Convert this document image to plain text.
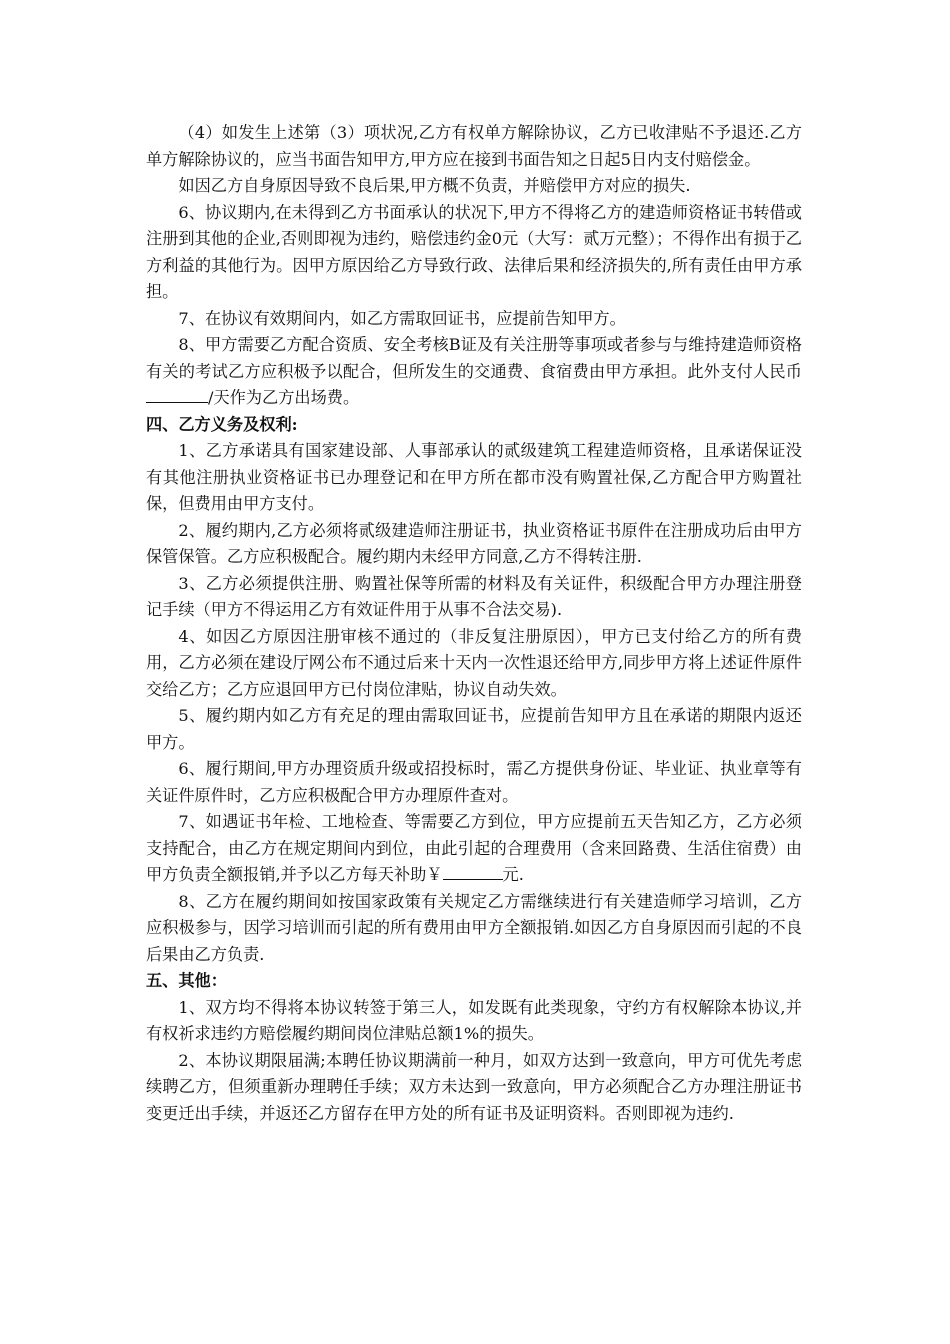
（4）如发生上述第（3）项状况,乙方有权单方解除协议，乙方已收津贴不予退还.乙方单方解除协议的，应当书面告知甲方,甲方应在接到书面告知之日起5日内支付赔偿金。

如因乙方自身原因导致不良后果,甲方概不负责，并赔偿甲方对应的损失.

6、协议期内,在未得到乙方书面承认的状况下,甲方不得将乙方的建造师资格证书转借或注册到其他的企业,否则即视为违约，赔偿违约金0元（大写：贰万元整）；不得作出有损于乙方利益的其他行为。因甲方原因给乙方导致行政、法律后果和经济损失的,所有责任由甲方承担。

7、在协议有效期间内，如乙方需取回证书，应提前告知甲方。

8、甲方需要乙方配合资质、安全考核B证及有关注册等事项或者参与与维持建造师资格有关的考试乙方应积极予以配合，但所发生的交通费、食宿费由甲方承担。此外支付人民币/天作为乙方出场费。

四、乙方义务及权利:

1、乙方承诺具有国家建设部、人事部承认的贰级建筑工程建造师资格，且承诺保证没有其他注册执业资格证书已办理登记和在甲方所在都市没有购置社保,乙方配合甲方购置社保，但费用由甲方支付。

2、履约期内,乙方必须将贰级建造师注册证书，执业资格证书原件在注册成功后由甲方保管保管。乙方应积极配合。履约期内未经甲方同意,乙方不得转注册.

3、乙方必须提供注册、购置社保等所需的材料及有关证件，积级配合甲方办理注册登记手续（甲方不得运用乙方有效证件用于从事不合法交易).

4、如因乙方原因注册审核不通过的（非反复注册原因），甲方已支付给乙方的所有费用，乙方必须在建设厅网公布不通过后来十天内一次性退还给甲方,同步甲方将上述证件原件交给乙方；乙方应退回甲方已付岗位津贴，协议自动失效。

5、履约期内如乙方有充足的理由需取回证书，应提前告知甲方且在承诺的期限内返还甲方。

6、履行期间,甲方办理资质升级或招投标时，需乙方提供身份证、毕业证、执业章等有关证件原件时，乙方应积极配合甲方办理原件查对。

7、如遇证书年检、工地检查、等需要乙方到位，甲方应提前五天告知乙方，乙方必须支持配合，由乙方在规定期间内到位，由此引起的合理费用（含来回路费、生活住宿费）由甲方负责全额报销,并予以乙方每天补助￥	元.

8、乙方在履约期间如按国家政策有关规定乙方需继续进行有关建造师学习培训，乙方应积极参与，因学习培训而引起的所有费用由甲方全额报销.如因乙方自身原因而引起的不良后果由乙方负责.

五、其他：

1、双方均不得将本协议转签于第三人，如发既有此类现象，守约方有权解除本协议,并有权祈求违约方赔偿履约期间岗位津贴总额1%的损失。

2、本协议期限届满;本聘任协议期满前一种月，如双方达到一致意向，甲方可优先考虑续聘乙方，但须重新办理聘任手续；双方未达到一致意向，甲方必须配合乙方办理注册证书变更迁出手续，并返还乙方留存在甲方处的所有证书及证明资料。否则即视为违约.
